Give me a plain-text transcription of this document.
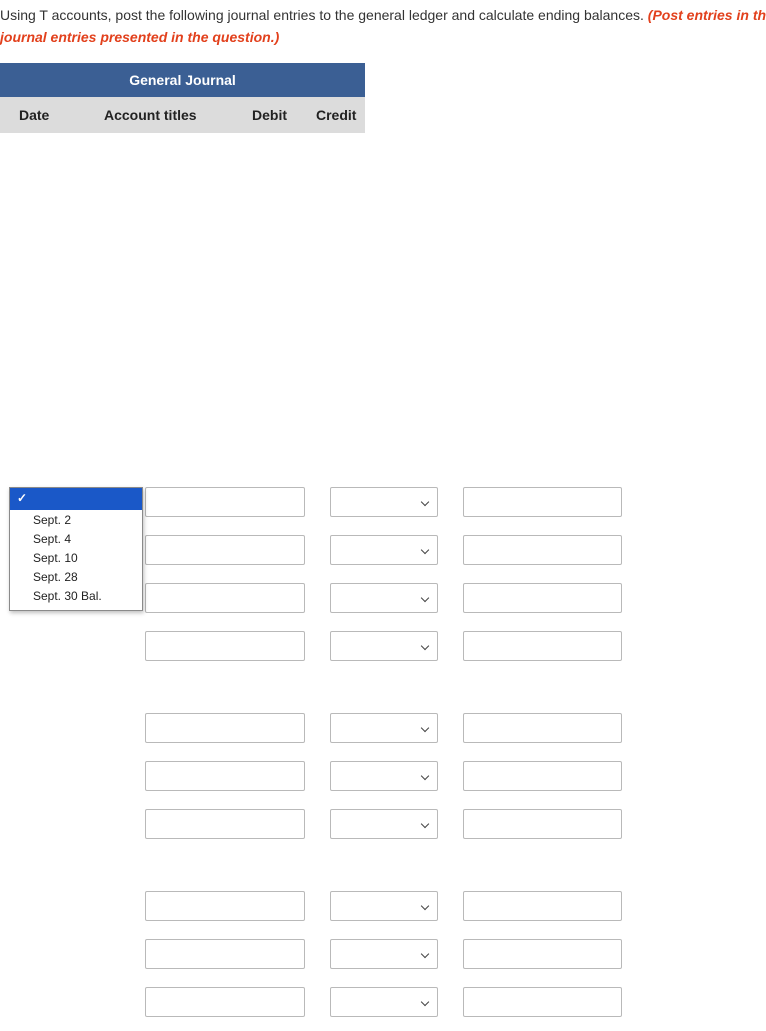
Using T accounts, post the following journal entries to the general ledger and calculate ending balances. (Post entries in th
journal entries presented in the question.)
General Journal
Date	Account titles	Debit Credit
✓
Sept. 2
Sept. 4
Sept. 10
Sept. 28
Sept. 30 Bal.
